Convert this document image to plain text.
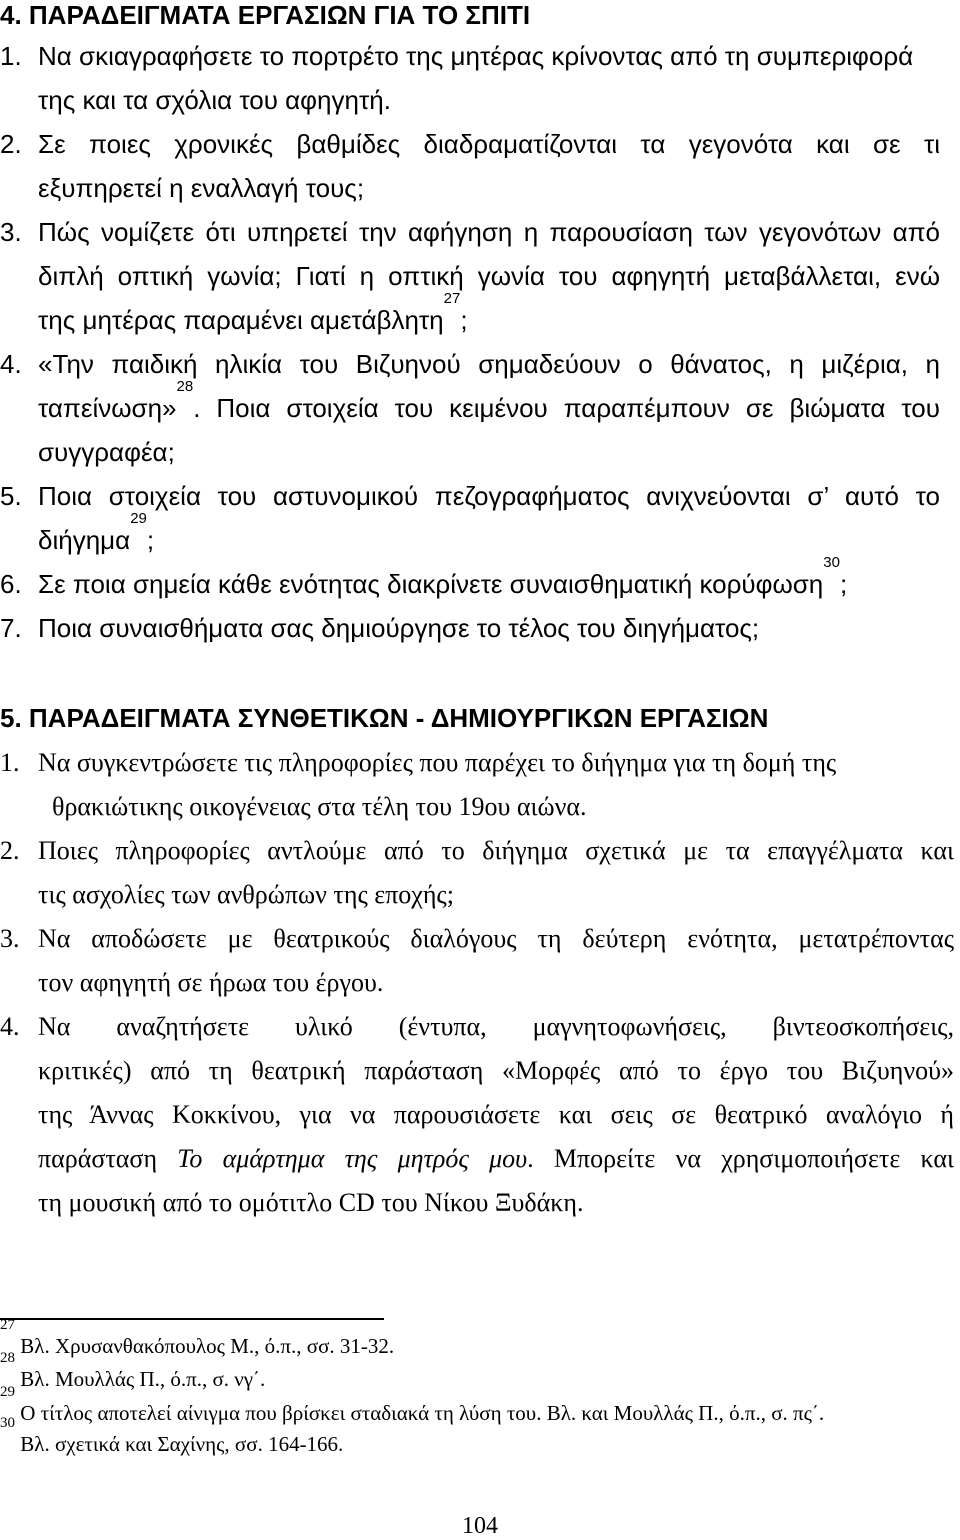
4. ΠΑΡΑΔΕΙΓΜΑΤΑ ΕΡΓΑΣΙΩΝ ΓΙΑ ΤΟ ΣΠΙΤΙ
1. Να σκιαγραφήσετε το πορτρέτο της μητέρας κρίνοντας από τη συμπεριφορά
της και τα σχόλια του αφηγητή.
2. Σε ποιες χρονικές βαθμίδες διαδραματίζονται τα γεγονότα και σε τι
εξυπηρετεί η εναλλαγή τους;
3. Πώς νομίζετε ότι υπηρετεί την αφήγηση η παρουσίαση των γεγονότων από
διπλή οπτική γωνία; Γιατί η οπτική γωνία του αφηγητή μεταβάλλεται, ενώ
της μητέρας παραμένει αμετάβλητη$^{27}$;
4. «Την παιδική ηλικία του Βιζυηνού σημαδεύουν ο θάνατος, η μιζέρια, η
ταπείνωση»$^{28}$. Ποια στοιχεία του κειμένου παραπέμπουν σε βιώματα του
συγγραφέα;
5. Ποια στοιχεία του αστυνομικού πεζογραφήματος ανιχνεύονται σ’ αυτό το
διήγημα$^{29}$;
6. Σε ποια σημεία κάθε ενότητας διακρίνετε συναισθηματική κορύφωση$^{30}$;
7. Ποια συναισθήματα σας δημιούργησε το τέλος του διηγήματος;
5. ΠΑΡΑΔΕΙΓΜΑΤΑ ΣΥΝΘΕΤΙΚΩΝ - ΔΗΜΙΟΥΡΓΙΚΩΝ ΕΡΓΑΣΙΩΝ
1. Να συγκεντρώσετε τις πληροφορίες που παρέχει το διήγημα για τη δομή της
θρακιώτικης οικογένειας στα τέλη του 19ου αιώνα.
2. Ποιες πληροφορίες αντλούμε από το διήγημα σχετικά με τα επαγγέλματα και
τις ασχολίες των ανθρώπων της εποχής;
3. Να αποδώσετε με θεατρικούς διαλόγους τη δεύτερη ενότητα, μετατρέποντας
τον αφηγητή σε ήρωα του έργου.
4. Να αναζητήσετε υλικό (έντυπα, μαγνητοφωνήσεις, βιντεοσκοπήσεις,
κριτικές) από τη θεατρική παράσταση «Μορφές από το έργο του Βιζυηνού»
της Άννας Κοκκίνου, για να παρουσιάσετε και σεις σε θεατρικό αναλόγιο ή
παράσταση Το αμάρτημα της μητρός μου. Μπορείτε να χρησιμοποιήσετε και
τη μουσική από το ομότιτλο CD του Νίκου Ξυδάκη.
$^{27}$ Βλ. Χρυσανθακόπουλος Μ., ό.π., σσ. 31-32.
$^{28}$ Βλ. Μουλλάς Π., ό.π., σ. νγ΄.
$^{29}$ Ο τίτλος αποτελεί αίνιγμα που βρίσκει σταδιακά τη λύση του. Βλ. και Μουλλάς Π., ό.π., σ. πς΄.
$^{30}$ Βλ. σχετικά και Σαχίνης, σσ. 164-166.
104
